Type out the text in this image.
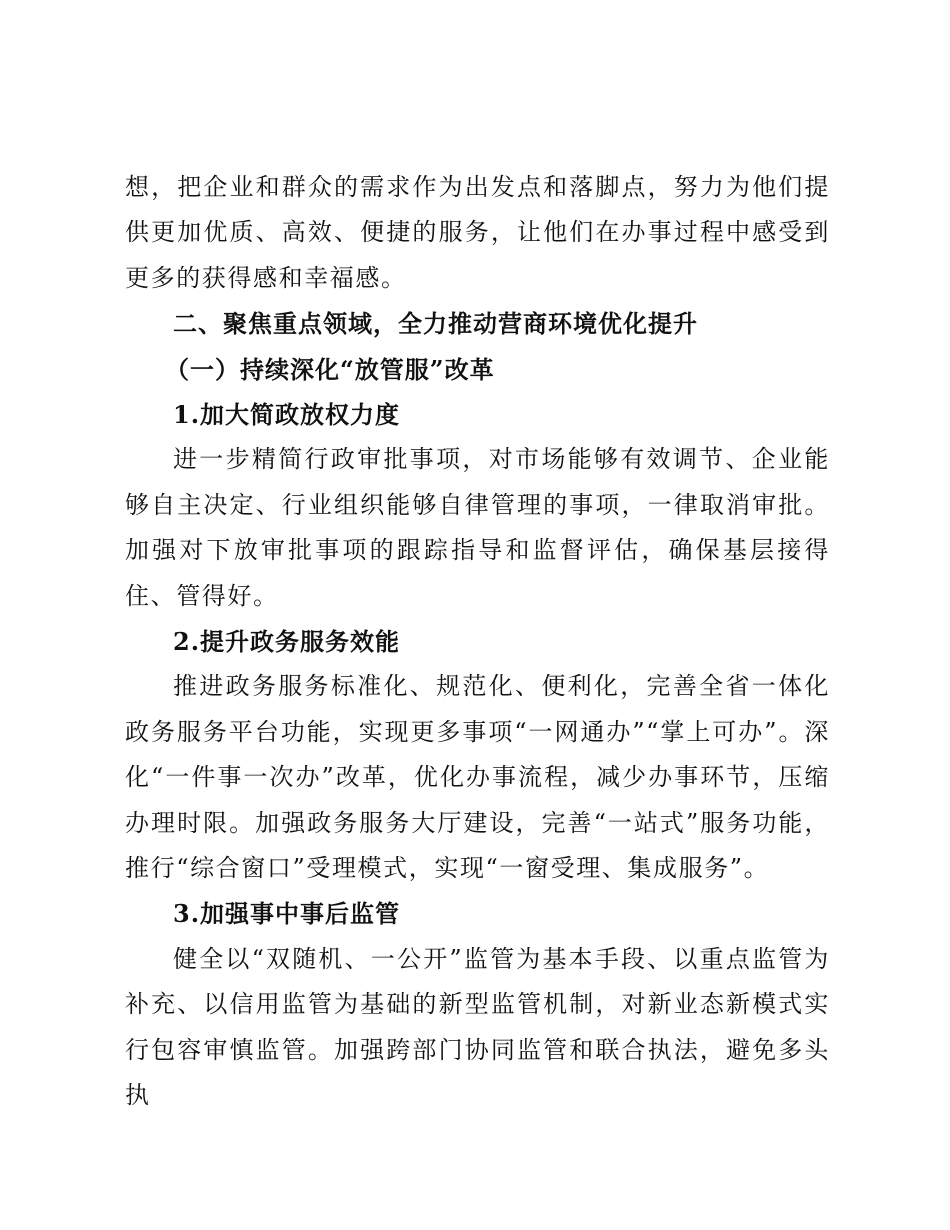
想，把企业和群众的需求作为出发点和落脚点，努力为他们提供更加优质、高效、便捷的服务，让他们在办事过程中感受到更多的获得感和幸福感。

二、聚焦重点领域，全力推动营商环境优化提升

（一）持续深化“放管服”改革

1.加大简政放权力度

进一步精简行政审批事项，对市场能够有效调节、企业能够自主决定、行业组织能够自律管理的事项，一律取消审批。加强对下放审批事项的跟踪指导和监督评估，确保基层接得住、管得好。

2.提升政务服务效能

推进政务服务标准化、规范化、便利化，完善全省一体化政务服务平台功能，实现更多事项“一网通办”“掌上可办”。深化“一件事一次办”改革，优化办事流程，减少办事环节，压缩办理时限。加强政务服务大厅建设，完善“一站式”服务功能，推行“综合窗口”受理模式，实现“一窗受理、集成服务”。

3.加强事中事后监管

健全以“双随机、一公开”监管为基本手段、以重点监管为补充、以信用监管为基础的新型监管机制，对新业态新模式实行包容审慎监管。加强跨部门协同监管和联合执法，避免多头执
